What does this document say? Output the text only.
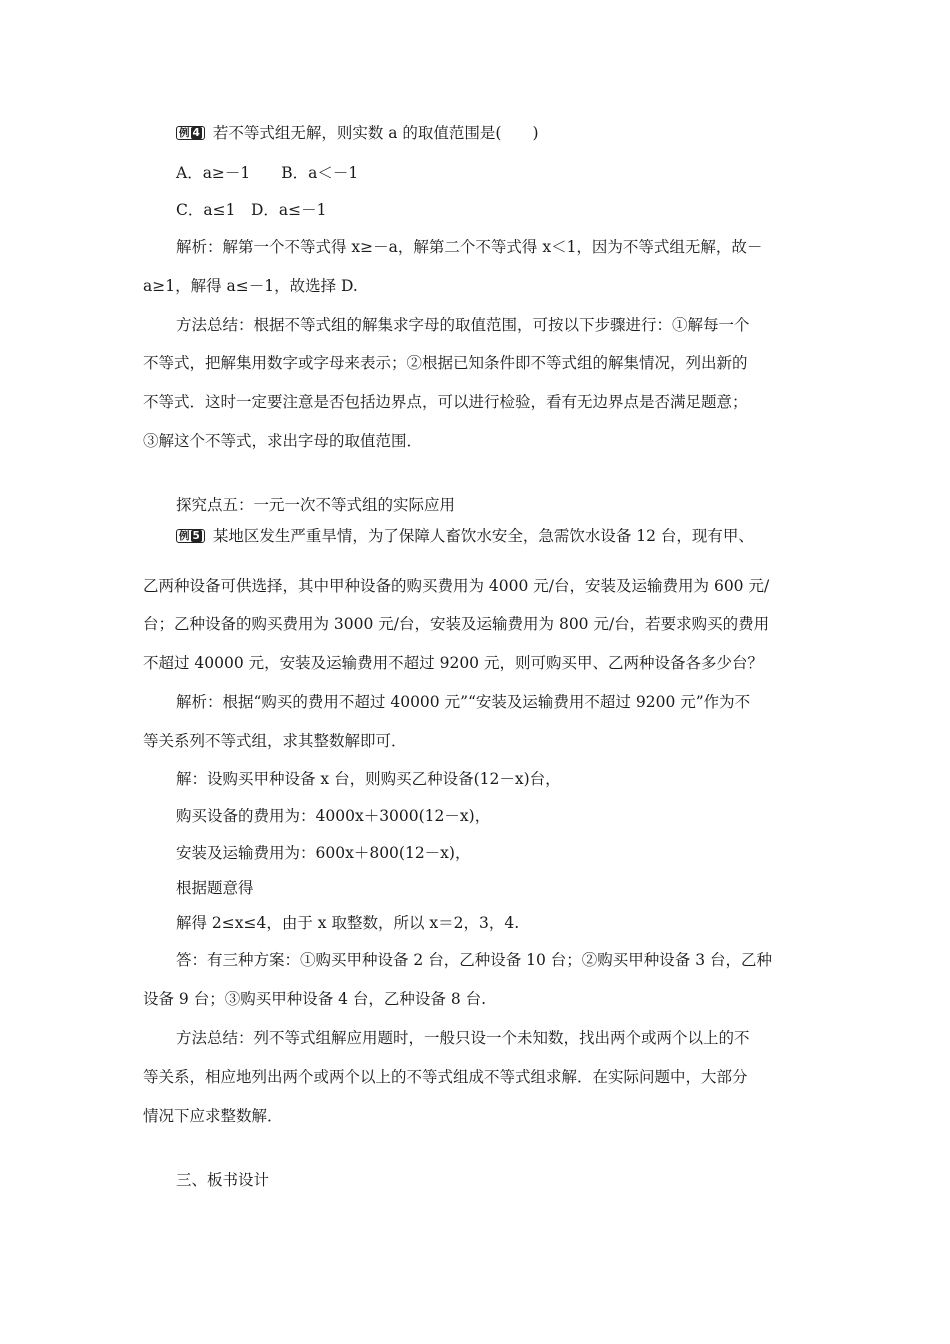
例 4 若不等式组无解，则实数 a 的取值范围是(　　)
A．a≥－1　　B．a＜－1
C．a≤1　D．a≤－1
解析：解第一个不等式得 x≥－a，解第二个不等式得 x＜1，因为不等式组无解，故－
a≥1，解得 a≤－1，故选择 D.
方法总结：根据不等式组的解集求字母的取值范围，可按以下步骤进行：①解每一个
不等式，把解集用数字或字母来表示；②根据已知条件即不等式组的解集情况，列出新的
不等式．这时一定要注意是否包括边界点，可以进行检验，看有无边界点是否满足题意；
③解这个不等式，求出字母的取值范围．
探究点五：一元一次不等式组的实际应用
例 5 某地区发生严重旱情，为了保障人畜饮水安全，急需饮水设备 12 台，现有甲、
乙两种设备可供选择，其中甲种设备的购买费用为 4000 元/台，安装及运输费用为 600 元/
台；乙种设备的购买费用为 3000 元/台，安装及运输费用为 800 元/台，若要求购买的费用
不超过 40000 元，安装及运输费用不超过 9200 元，则可购买甲、乙两种设备各多少台？
解析：根据“购买的费用不超过 40000 元”“安装及运输费用不超过 9200 元”作为不
等关系列不等式组，求其整数解即可．
解：设购买甲种设备 x 台，则购买乙种设备(12－x)台，
购买设备的费用为：4000x＋3000(12－x)，
安装及运输费用为：600x＋800(12－x)，
根据题意得
解得 2≤x≤4，由于 x 取整数，所以 x＝2，3，4.
答：有三种方案：①购买甲种设备 2 台，乙种设备 10 台；②购买甲种设备 3 台，乙种
设备 9 台；③购买甲种设备 4 台，乙种设备 8 台.
方法总结：列不等式组解应用题时，一般只设一个未知数，找出两个或两个以上的不
等关系，相应地列出两个或两个以上的不等式组成不等式组求解．在实际问题中，大部分
情况下应求整数解．
三、板书设计
